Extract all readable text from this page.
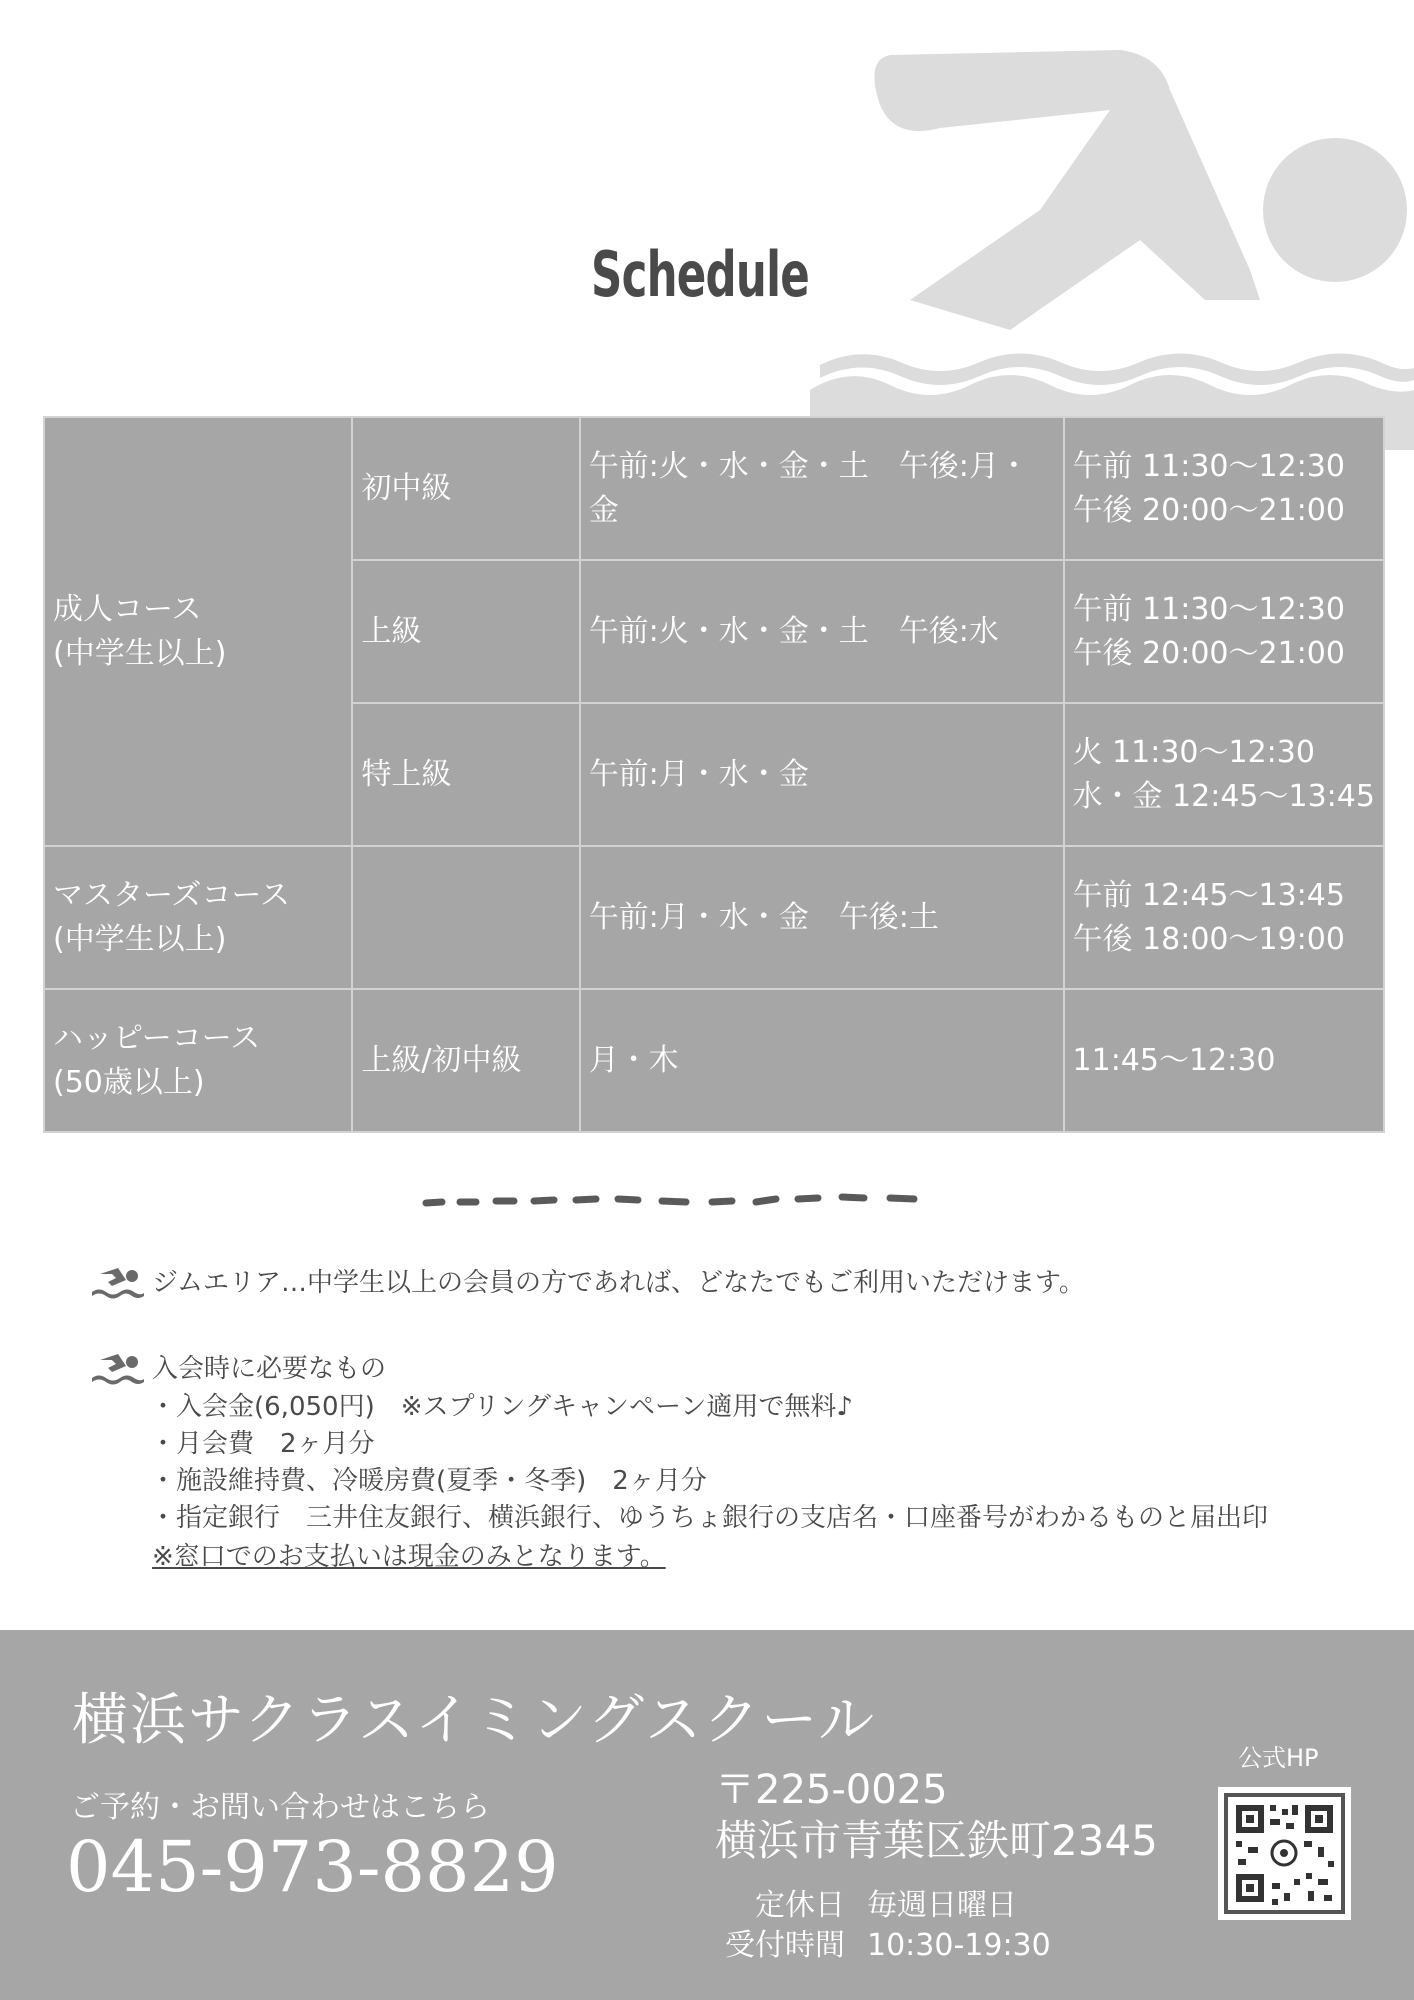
Schedule
成人コース
(中学生以上)	初中級	午前:火・水・金・土　午後:月・金	午前 11:30〜12:30
午後 20:00〜21:00

	上級	午前:火・水・金・土　午後:水	午前 11:30〜12:30
午後 20:00〜21:00

	特上級	午前:月・水・金	火 11:30〜12:30
水・金 12:45〜13:45

マスターズコース
(中学生以上)		午前:月・水・金　午後:土	午前 12:45〜13:45
午後 18:00〜19:00

ハッピーコース
(50歳以上)	上級/初中級	月・木	11:45〜12:30
ジムエリア…中学生以上の会員の方であれば、どなたでもご利用いただけます。
入会時に必要なもの
・入会金(6,050円)　※スプリングキャンペーン適用で無料♪
・月会費　2ヶ月分
・施設維持費、冷暖房費(夏季・冬季)　2ヶ月分
・指定銀行　三井住友銀行、横浜銀行、ゆうちょ銀行の支店名・口座番号がわかるものと届出印
※窓口でのお支払いは現金のみとなります。
横浜サクラスイミングスクール
ご予約・お問い合わせはこちら
045-973-8829
〒225-0025
横浜市青葉区鉄町2345
定休日 毎週日曜日
受付時間 10:30-19:30
公式HP
